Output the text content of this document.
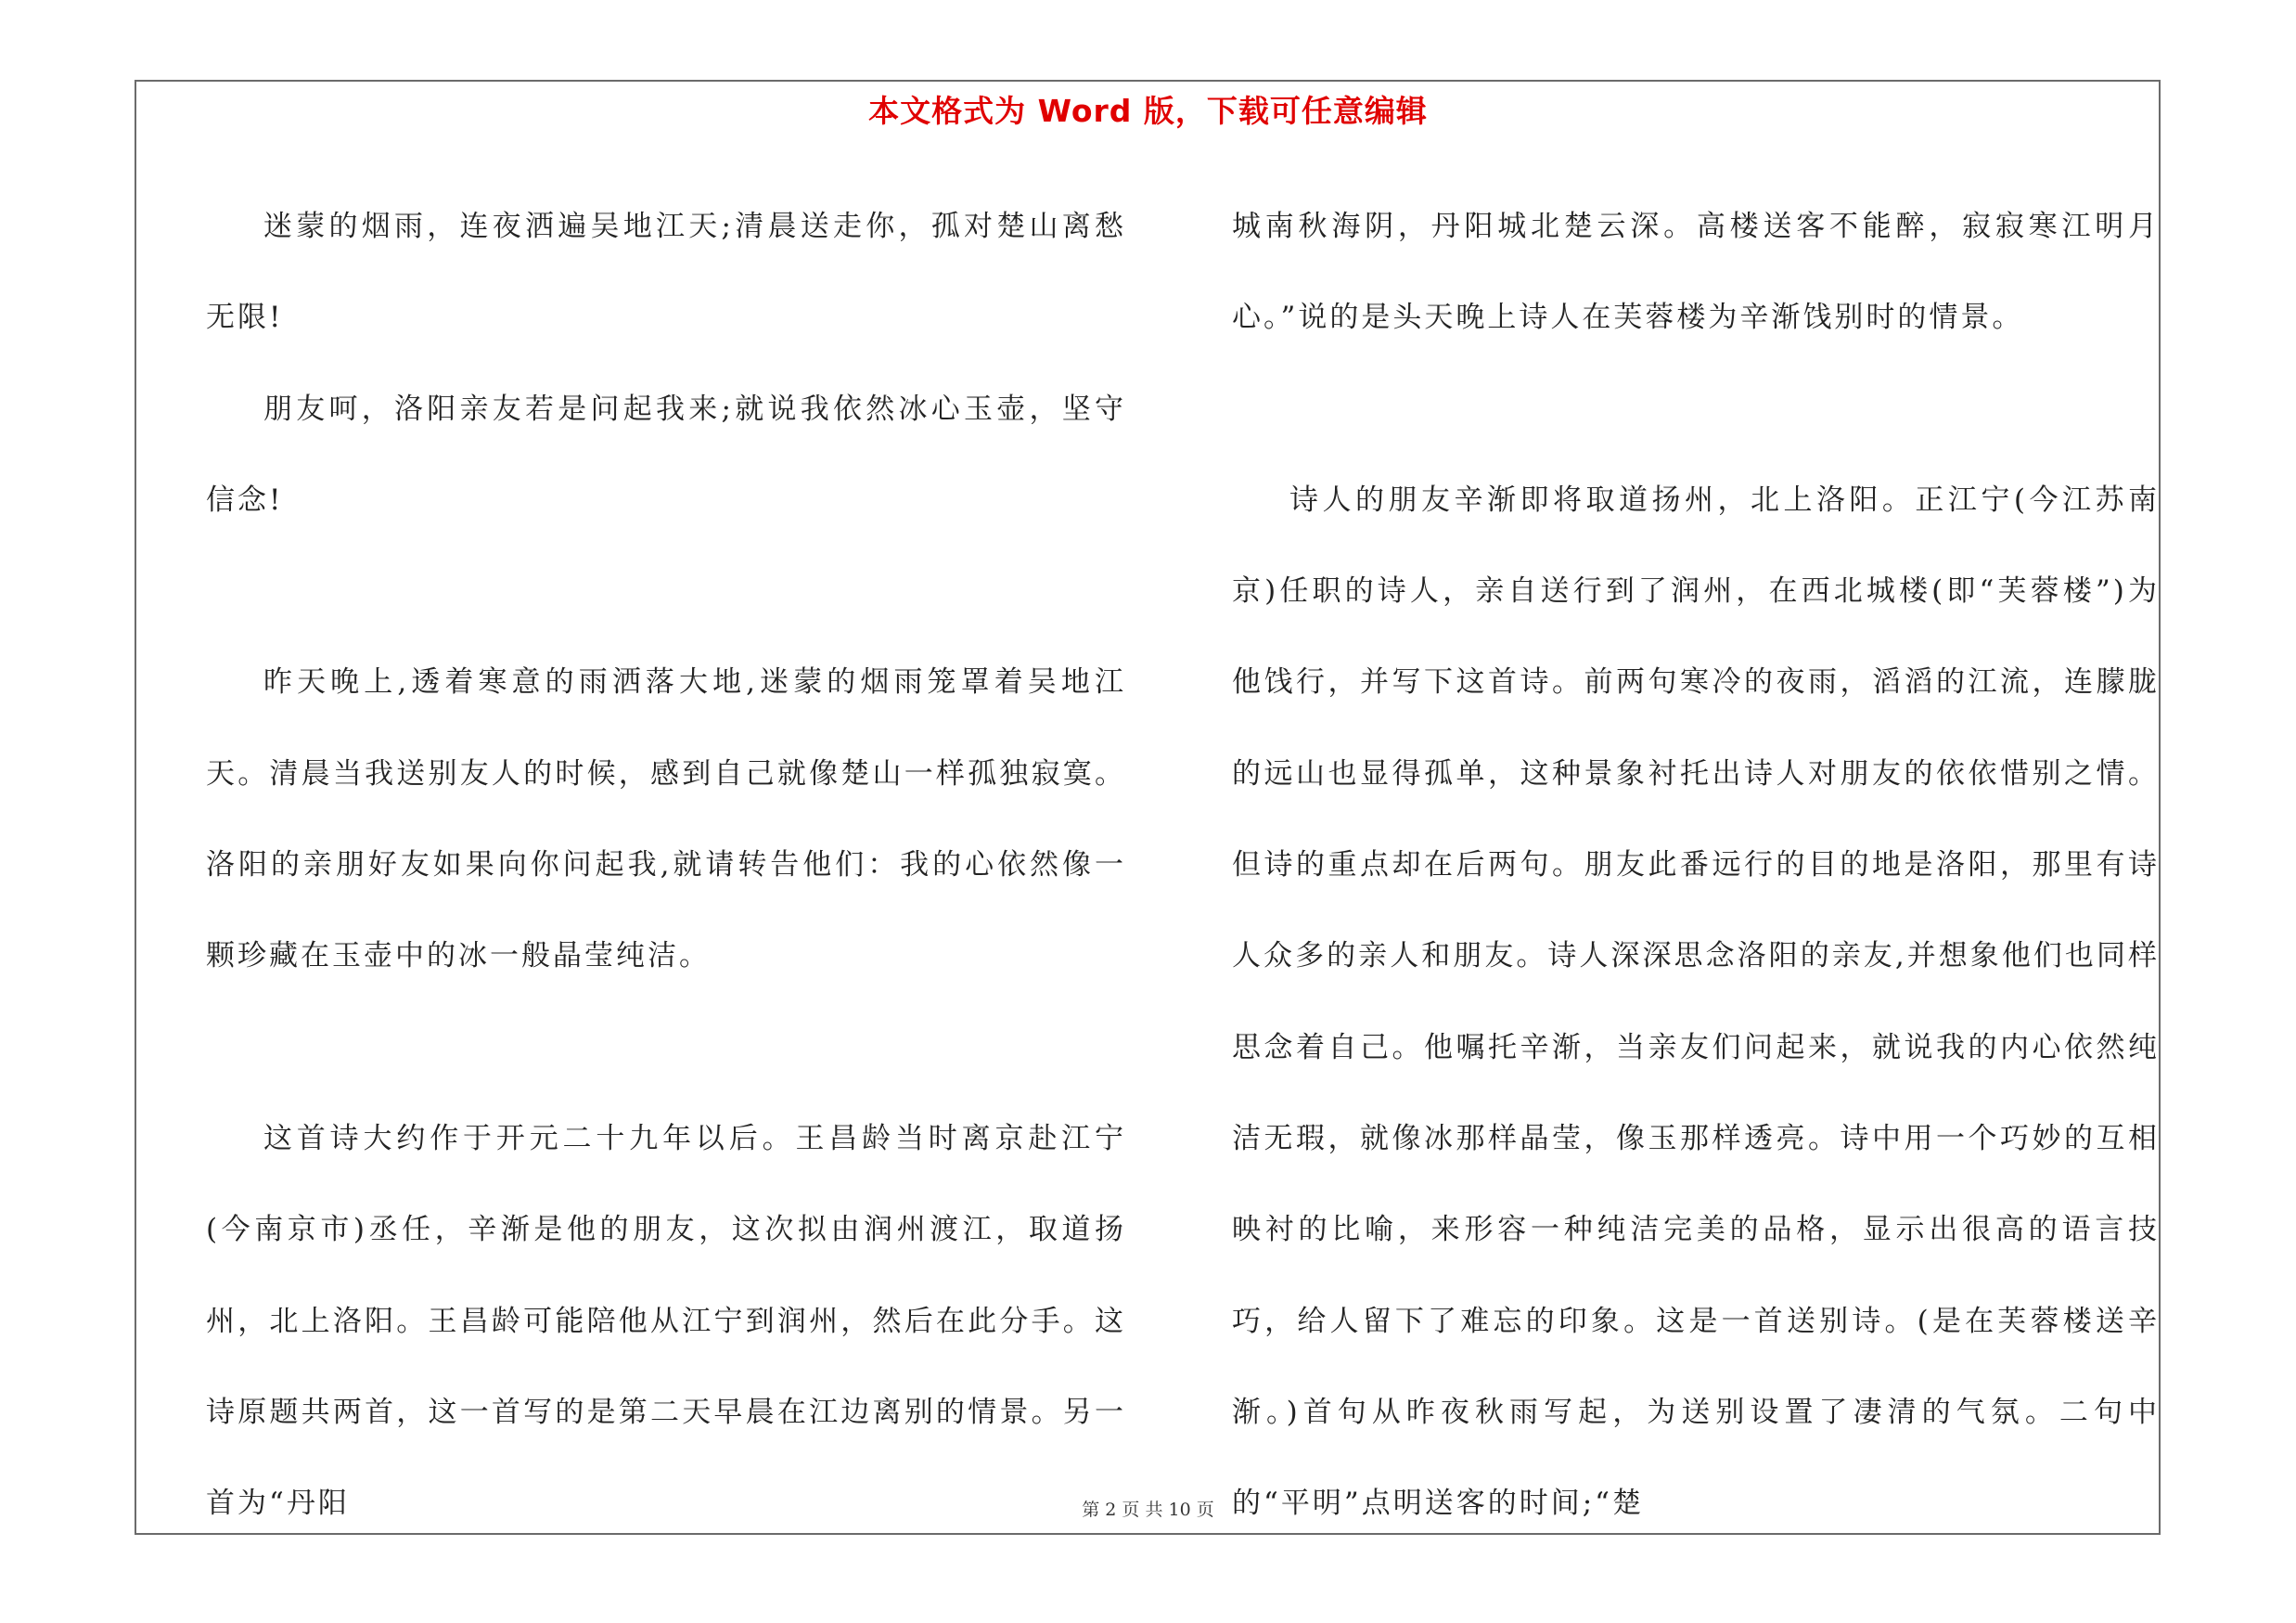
本文格式为 Word 版，下载可任意编辑

迷蒙的烟雨，连夜洒遍吴地江天;清晨送走你，孤对楚山离愁无限!

朋友呵，洛阳亲友若是问起我来;就说我依然冰心玉壶，坚守信念!

昨天晚上,透着寒意的雨洒落大地,迷蒙的烟雨笼罩着吴地江天。清晨当我送别友人的时候，感到自己就像楚山一样孤独寂寞。洛阳的亲朋好友如果向你问起我,就请转告他们：我的心依然像一颗珍藏在玉壶中的冰一般晶莹纯洁。

这首诗大约作于开元二十九年以后。王昌龄当时离京赴江宁(今南京市)丞任，辛渐是他的朋友，这次拟由润州渡江，取道扬州，北上洛阳。王昌龄可能陪他从江宁到润州，然后在此分手。这诗原题共两首，这一首写的是第二天早晨在江边离别的情景。另一首为“丹阳

城南秋海阴，丹阳城北楚云深。高楼送客不能醉，寂寂寒江明月心。”说的是头天晚上诗人在芙蓉楼为辛渐饯别时的情景。

诗人的朋友辛渐即将取道扬州，北上洛阳。正江宁(今江苏南京)任职的诗人，亲自送行到了润州，在西北城楼(即“芙蓉楼”)为他饯行，并写下这首诗。前两句寒冷的夜雨，滔滔的江流，连朦胧的远山也显得孤单，这种景象衬托出诗人对朋友的依依惜别之情。但诗的重点却在后两句。朋友此番远行的目的地是洛阳，那里有诗人众多的亲人和朋友。诗人深深思念洛阳的亲友,并想象他们也同样思念着自己。他嘱托辛渐，当亲友们问起来，就说我的内心依然纯洁无瑕，就像冰那样晶莹，像玉那样透亮。诗中用一个巧妙的互相映衬的比喻，来形容一种纯洁完美的品格，显示出很高的语言技巧，给人留下了难忘的印象。这是一首送别诗。(是在芙蓉楼送辛渐。)首句从昨夜秋雨写起，为送别设置了凄清的气氛。二句中的“平明”点明送客的时间;“楚

第 2 页 共 10 页
